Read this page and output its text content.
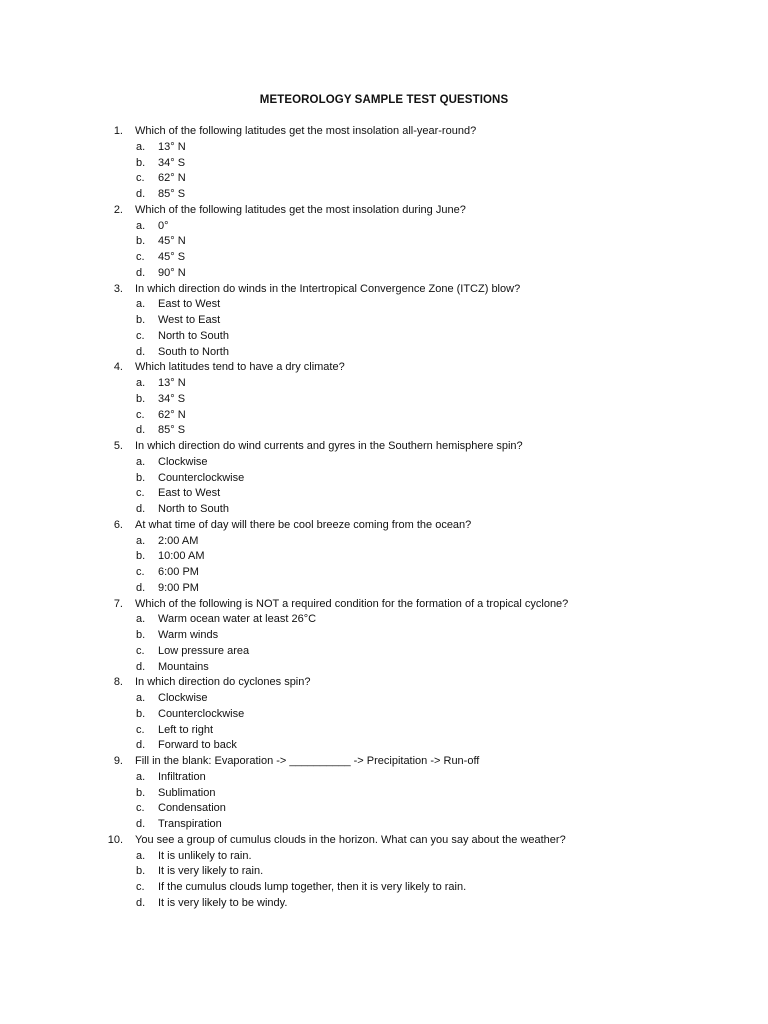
METEOROLOGY SAMPLE TEST QUESTIONS
1. Which of the following latitudes get the most insolation all-year-round?
a. 13° N
b. 34° S
c. 62° N
d. 85° S
2. Which of the following latitudes get the most insolation during June?
a. 0°
b. 45° N
c. 45° S
d. 90° N
3. In which direction do winds in the Intertropical Convergence Zone (ITCZ) blow?
a. East to West
b. West to East
c. North to South
d. South to North
4. Which latitudes tend to have a dry climate?
a. 13° N
b. 34° S
c. 62° N
d. 85° S
5. In which direction do wind currents and gyres in the Southern hemisphere spin?
a. Clockwise
b. Counterclockwise
c. East to West
d. North to South
6. At what time of day will there be cool breeze coming from the ocean?
a. 2:00 AM
b. 10:00 AM
c. 6:00 PM
d. 9:00 PM
7. Which of the following is NOT a required condition for the formation of a tropical cyclone?
a. Warm ocean water at least 26°C
b. Warm winds
c. Low pressure area
d. Mountains
8. In which direction do cyclones spin?
a. Clockwise
b. Counterclockwise
c. Left to right
d. Forward to back
9. Fill in the blank: Evaporation -> __________ -> Precipitation -> Run-off
a. Infiltration
b. Sublimation
c. Condensation
d. Transpiration
10. You see a group of cumulus clouds in the horizon. What can you say about the weather?
a. It is unlikely to rain.
b. It is very likely to rain.
c. If the cumulus clouds lump together, then it is very likely to rain.
d. It is very likely to be windy.
